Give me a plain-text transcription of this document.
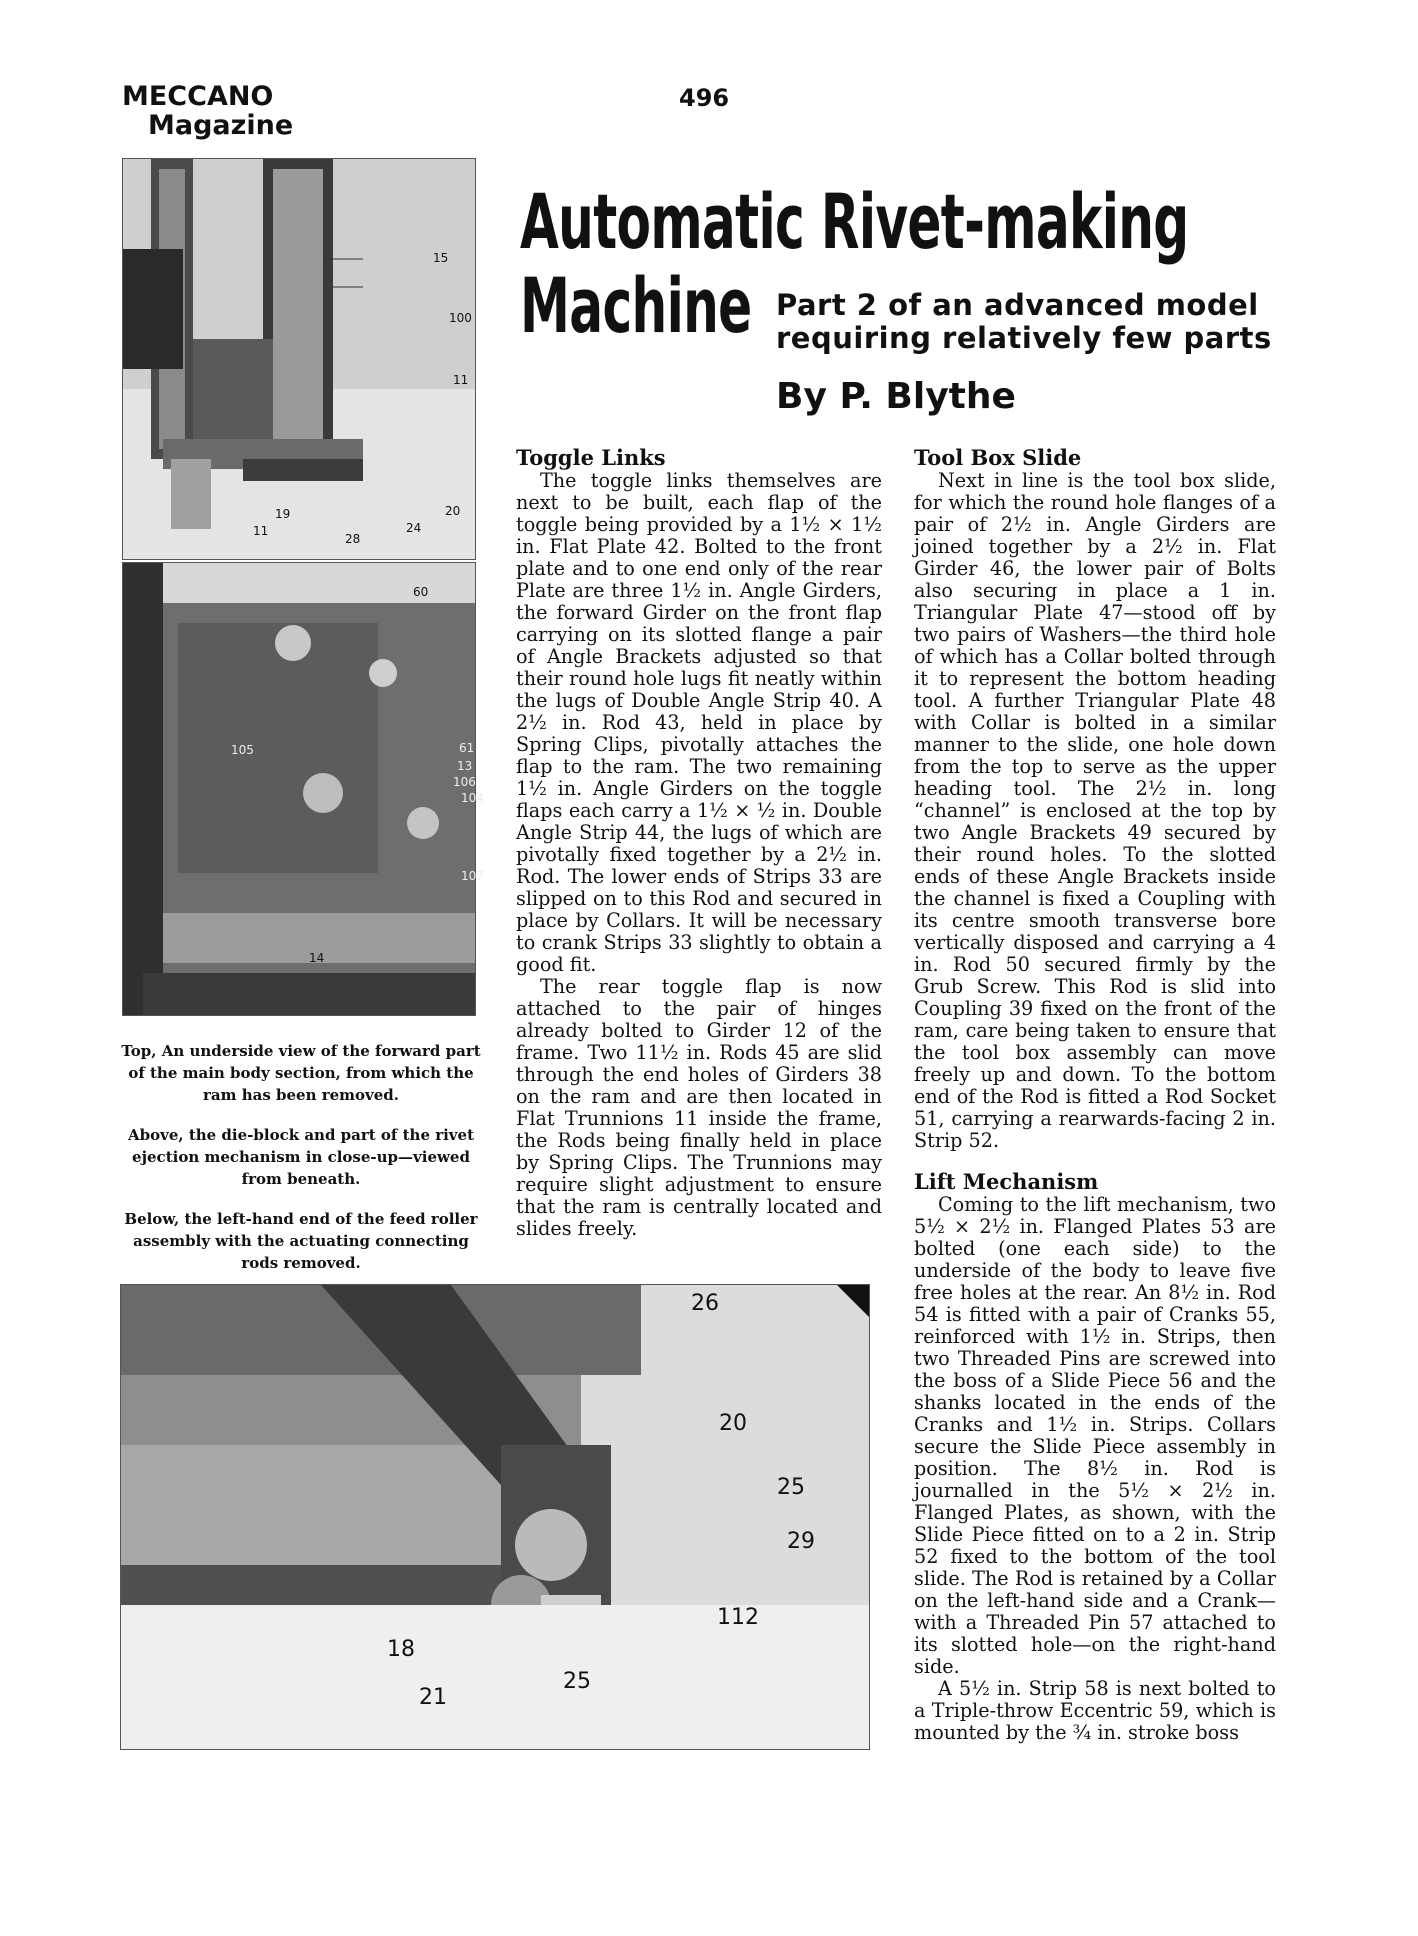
MECCANO
Magazine
496
15
100
11
19
11
28
24
20
60
105	61
13
106
104
107
14
Automatic Rivet-making
Machine Part 2 of an advanced model
requiring relatively few parts
By P. Blythe

Top, An underside view of the forward part of the main body section, from which the ram has been removed.

Above, the die-block and part of the rivet ejection mechanism in close-up—viewed from beneath.

Below, the left-hand end of the feed roller assembly with the actuating connecting rods removed.

Toggle Links

The toggle links themselves are next to be built, each flap of the toggle being provided by a 1½ × 1½ in. Flat Plate 42. Bolted to the front plate and to one end only of the rear Plate are three 1½ in. Angle Girders, the forward Girder on the front flap carrying on its slotted flange a pair of Angle Brackets adjusted so that their round hole lugs fit neatly within the lugs of Double Angle Strip 40. A 2½ in. Rod 43, held in place by Spring Clips, pivotally attaches the flap to the ram. The two remaining 1½ in. Angle Girders on the toggle flaps each carry a 1½ × ½ in. Double Angle Strip 44, the lugs of which are pivotally fixed together by a 2½ in. Rod. The lower ends of Strips 33 are slipped on to this Rod and secured in place by Collars. It will be necessary to crank Strips 33 slightly to obtain a good fit.

The rear toggle flap is now attached to the pair of hinges already bolted to Girder 12 of the frame. Two 11½ in. Rods 45 are slid through the end holes of Girders 38 on the ram and are then located in Flat Trunnions 11 inside the frame, the Rods being finally held in place by Spring Clips. The Trunnions may require slight adjustment to ensure that the ram is centrally located and slides freely.

Tool Box Slide

Next in line is the tool box slide, for which the round hole flanges of a pair of 2½ in. Angle Girders are joined together by a 2½ in. Flat Girder 46, the lower pair of Bolts also securing in place a 1 in. Triangular Plate 47—stood off by two pairs of Washers—the third hole of which has a Collar bolted through it to represent the bottom heading tool. A further Triangular Plate 48 with Collar is bolted in a similar manner to the slide, one hole down from the top to serve as the upper heading tool. The 2½ in. long “channel” is enclosed at the top by two Angle Brackets 49 secured by their round holes. To the slotted ends of these Angle Brackets inside the channel is fixed a Coupling with its centre smooth transverse bore vertically disposed and carrying a 4 in. Rod 50 secured firmly by the Grub Screw. This Rod is slid into Coupling 39 fixed on the front of the ram, care being taken to ensure that the tool box assembly can move freely up and down. To the bottom end of the Rod is fitted a Rod Socket 51, carrying a rearwards-facing 2 in. Strip 52.

Lift Mechanism

Coming to the lift mechanism, two 5½ × 2½ in. Flanged Plates 53 are bolted (one each side) to the underside of the body to leave five free holes at the rear. An 8½ in. Rod 54 is fitted with a pair of Cranks 55, reinforced with 1½ in. Strips, then two Threaded Pins are screwed into the boss of a Slide Piece 56 and the shanks located in the ends of the Cranks and 1½ in. Strips. Collars secure the Slide Piece assembly in position. The 8½ in. Rod is journalled in the 5½ × 2½ in. Flanged Plates, as shown, with the Slide Piece fitted on to a 2 in. Strip 52 fixed to the bottom of the tool slide. The Rod is retained by a Collar on the left-hand side and a Crank—with a Threaded Pin 57 attached to its slotted hole—on the right-hand side.

A 5½ in. Strip 58 is next bolted to a Triple-throw Eccentric 59, which is mounted by the ¾ in. stroke boss

26
20
25
29
112
18
21
25
